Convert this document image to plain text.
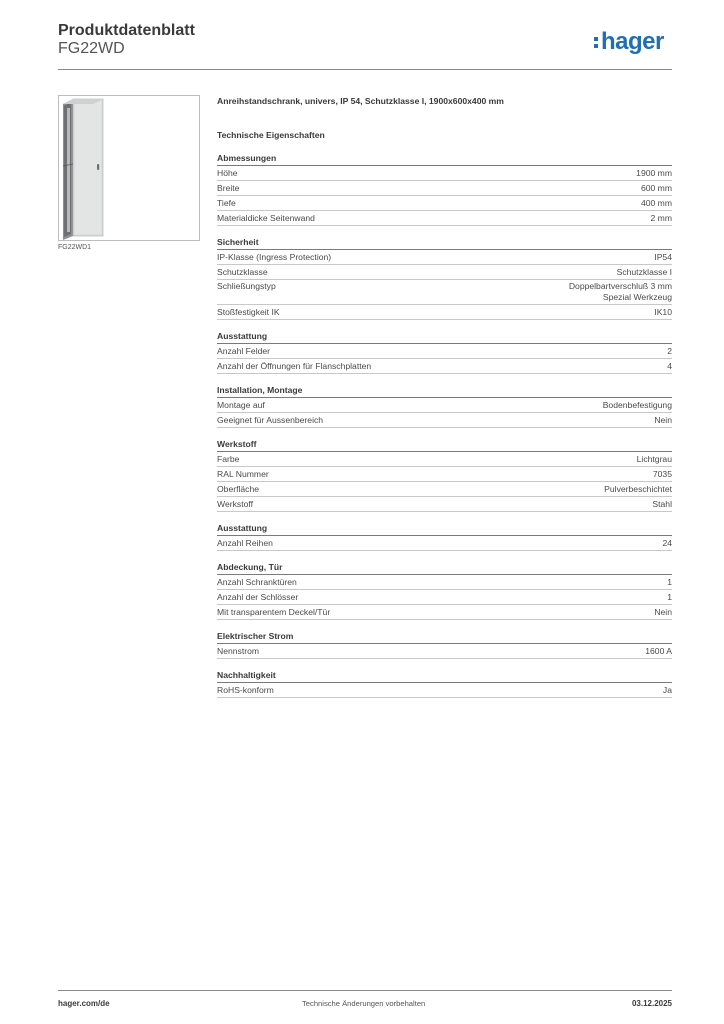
Produktdatenblatt
FG22WD	hager
FG22WD1
Anreihstandschrank, univers, IP 54, Schutzklasse I, 1900x600x400 mm
Technische Eigenschaften
Abmessungen
Höhe	1900 mm
Breite	600 mm
Tiefe	400 mm
Materialdicke Seitenwand	2 mm
Sicherheit
IP-Klasse (Ingress Protection)	IP54
Schutzklasse	Schutzklasse I
Schließungstyp	Doppelbartverschluß 3 mm
Spezial Werkzeug
Stoßfestigkeit IK	IK10
Ausstattung
Anzahl Felder	2
Anzahl der Öffnungen für Flanschplatten	4
Installation, Montage
Montage auf	Bodenbefestigung
Geeignet für Aussenbereich	Nein
Werkstoff
Farbe	Lichtgrau
RAL Nummer	7035
Oberfläche	Pulverbeschichtet
Werkstoff	Stahl
Ausstattung
Anzahl Reihen	24
Abdeckung, Tür
Anzahl Schranktüren	1
Anzahl der Schlösser	1
Mit transparentem Deckel/Tür	Nein
Elektrischer Strom
Nennstrom	1600 A
Nachhaltigkeit
RoHS-konform	Ja
hager.com/de	Technische Änderungen vorbehalten	03.12.2025
